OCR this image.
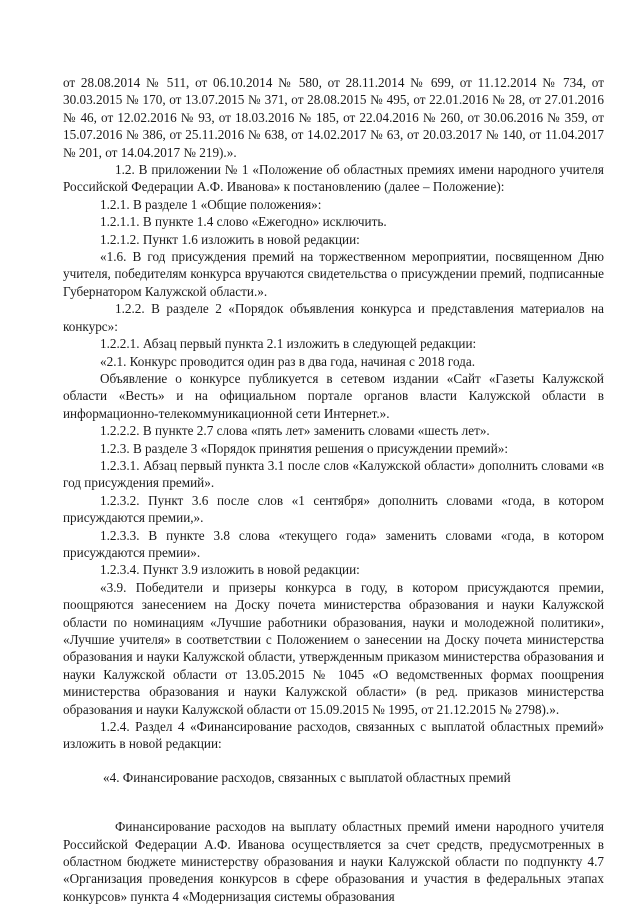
от 28.08.2014 № 511, от 06.10.2014 № 580, от 28.11.2014 № 699, от 11.12.2014 № 734, от 30.03.2015 № 170, от 13.07.2015 № 371, от 28.08.2015 № 495, от 22.01.2016 № 28, от 27.01.2016 № 46, от 12.02.2016 № 93, от 18.03.2016 № 185, от 22.04.2016 № 260, от 30.06.2016 № 359, от 15.07.2016 № 386, от 25.11.2016 № 638, от 14.02.2017 № 63, от 20.03.2017 № 140, от 11.04.2017 № 201, от 14.04.2017 № 219).».

1.2. В приложении № 1 «Положение об областных премиях имени народного учителя Российской Федерации А.Ф. Иванова» к постановлению (далее – Положение):

1.2.1. В разделе 1 «Общие положения»:

1.2.1.1. В пункте 1.4 слово «Ежегодно» исключить.

1.2.1.2. Пункт 1.6 изложить в новой редакции:

«1.6. В год присуждения премий на торжественном мероприятии, посвященном Дню учителя, победителям конкурса вручаются свидетельства о присуждении премий, подписанные Губернатором Калужской области.».

1.2.2. В разделе 2 «Порядок объявления конкурса и представления материалов на конкурс»:

1.2.2.1. Абзац первый пункта 2.1 изложить в следующей редакции:

«2.1. Конкурс проводится один раз в два года, начиная с 2018 года.

Объявление о конкурсе публикуется в сетевом издании «Сайт «Газеты Калужской области «Весть» и на официальном портале органов власти Калужской области в информационно-телекоммуникационной сети Интернет.».

1.2.2.2. В пункте 2.7 слова «пять лет» заменить словами «шесть лет».

1.2.3. В разделе 3 «Порядок принятия решения о присуждении премий»:

1.2.3.1. Абзац первый пункта 3.1 после слов «Калужской области» дополнить словами «в год присуждения премий».

1.2.3.2. Пункт 3.6 после слов «1 сентября» дополнить словами «года, в котором присуждаются премии,».

1.2.3.3. В пункте 3.8 слова «текущего года» заменить словами «года, в котором присуждаются премии».

1.2.3.4. Пункт 3.9 изложить в новой редакции:

«3.9. Победители и призеры конкурса в году, в котором присуждаются премии, поощряются занесением на Доску почета министерства образования и науки Калужской области по номинациям «Лучшие работники образования, науки и молодежной политики», «Лучшие учителя» в соответствии с Положением о занесении на Доску почета министерства образования и науки Калужской области, утвержденным приказом министерства образования и науки Калужской области от 13.05.2015 № 1045 «О ведомственных формах поощрения министерства образования и науки Калужской области» (в ред. приказов министерства образования и науки Калужской области от 15.09.2015 № 1995, от 21.12.2015 № 2798).».

1.2.4. Раздел 4 «Финансирование расходов, связанных с выплатой областных премий» изложить в новой редакции:

«4. Финансирование расходов, связанных с выплатой областных премий

Финансирование расходов на выплату областных премий имени народного учителя Российской Федерации А.Ф. Иванова осуществляется за счет средств, предусмотренных в областном бюджете министерству образования и науки Калужской области по подпункту 4.7 «Организация проведения конкурсов в сфере образования и участия в федеральных этапах конкурсов» пункта 4 «Модернизация системы образования
